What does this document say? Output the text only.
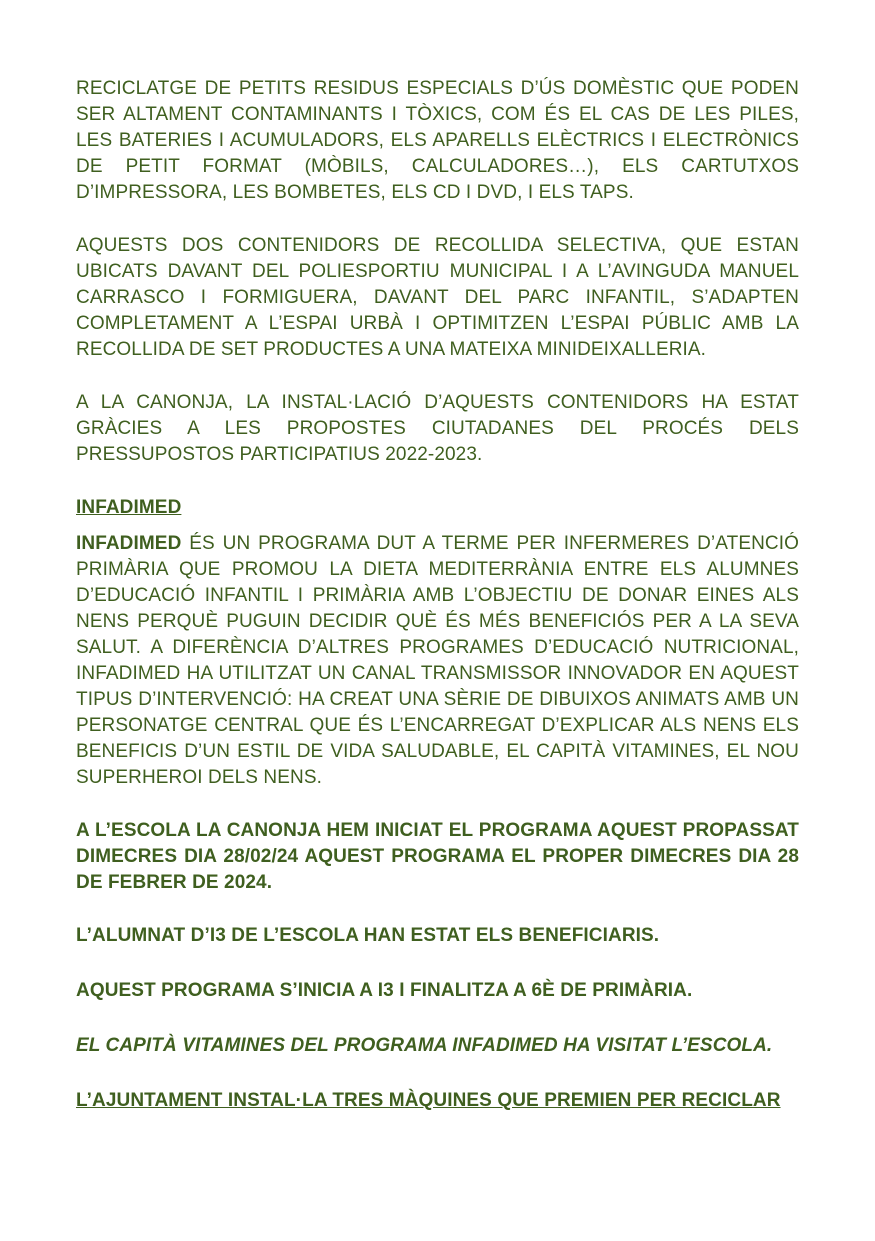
RECICLATGE DE PETITS RESIDUS ESPECIALS D’ÚS DOMÈSTIC QUE PODEN SER ALTAMENT CONTAMINANTS I TÒXICS, COM ÉS EL CAS DE LES PILES, LES BATERIES I ACUMULADORS, ELS APARELLS ELÈCTRICS I ELECTRÒNICS DE PETIT FORMAT (MÒBILS, CALCULADORES…), ELS CARTUTXOS D’IMPRESSORA, LES BOMBETES, ELS CD I DVD, I ELS TAPS.

AQUESTS DOS CONTENIDORS DE RECOLLIDA SELECTIVA, QUE ESTAN UBICATS DAVANT DEL POLIESPORTIU MUNICIPAL I A L’AVINGUDA MANUEL CARRASCO I FORMIGUERA, DAVANT DEL PARC INFANTIL, S’ADAPTEN COMPLETAMENT A L’ESPAI URBÀ I OPTIMITZEN L’ESPAI PÚBLIC AMB LA RECOLLIDA DE SET PRODUCTES A UNA MATEIXA MINIDEIXALLERIA.

A LA CANONJA, LA INSTAL·LACIÓ D’AQUESTS CONTENIDORS HA ESTAT GRÀCIES A LES PROPOSTES CIUTADANES DEL PROCÉS DELS PRESSUPOSTOS PARTICIPATIUS 2022-2023.

INFADIMED

INFADIMED ÉS UN PROGRAMA DUT A TERME PER INFERMERES D’ATENCIÓ PRIMÀRIA QUE PROMOU LA DIETA MEDITERRÀNIA ENTRE ELS ALUMNES D’EDUCACIÓ INFANTIL I PRIMÀRIA AMB L’OBJECTIU DE DONAR EINES ALS NENS PERQUÈ PUGUIN DECIDIR QUÈ ÉS MÉS BENEFICIÓS PER A LA SEVA SALUT. A DIFERÈNCIA D’ALTRES PROGRAMES D’EDUCACIÓ NUTRICIONAL, INFADIMED HA UTILITZAT UN CANAL TRANSMISSOR INNOVADOR EN AQUEST TIPUS D’INTERVENCIÓ: HA CREAT UNA SÈRIE DE DIBUIXOS ANIMATS AMB UN PERSONATGE CENTRAL QUE ÉS L’ENCARREGAT D’EXPLICAR ALS NENS ELS BENEFICIS D’UN ESTIL DE VIDA SALUDABLE, EL CAPITÀ VITAMINES, EL NOU SUPERHEROI DELS NENS.

A L’ESCOLA LA CANONJA HEM INICIAT EL PROGRAMA AQUEST PROPASSAT DIMECRES DIA 28/02/24 AQUEST PROGRAMA EL PROPER DIMECRES DIA 28 DE FEBRER DE 2024.

L’ALUMNAT D’I3 DE L’ESCOLA HAN ESTAT ELS BENEFICIARIS.

AQUEST PROGRAMA S’INICIA A I3 I FINALITZA A 6È DE PRIMÀRIA.

EL CAPITÀ VITAMINES DEL PROGRAMA INFADIMED HA VISITAT L’ESCOLA.

L’AJUNTAMENT INSTAL·LA TRES MÀQUINES QUE PREMIEN PER RECICLAR
